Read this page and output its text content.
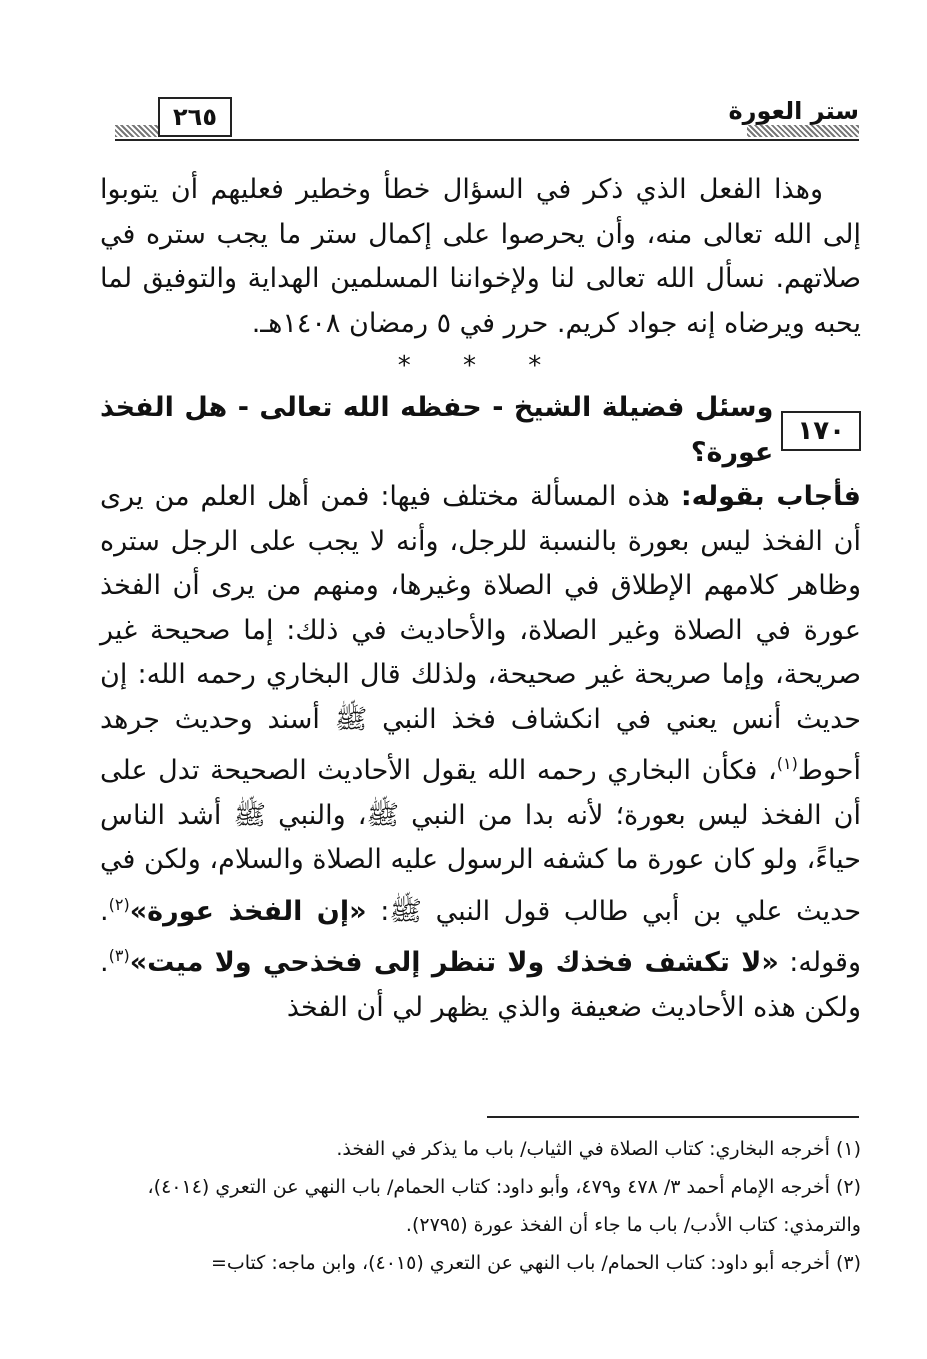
ستر العورة
٢٦٥

وهذا الفعل الذي ذكر في السؤال خطأ وخطير فعليهم أن يتوبوا إلى الله تعالى منه، وأن يحرصوا على إكمال ستر ما يجب ستره في صلاتهم. نسأل الله تعالى لنا ولإخواننا المسلمين الهداية والتوفيق لما يحبه ويرضاه إنه جواد كريم. حرر في ٥ رمضان ١٤٠٨هـ.

* * *

١٧٠
وسئل فضيلة الشيخ - حفظه الله تعالى - هل الفخذ عورة؟

فأجاب بقوله: هذه المسألة مختلف فيها: فمن أهل العلم من يرى أن الفخذ ليس بعورة بالنسبة للرجل، وأنه لا يجب على الرجل ستره وظاهر كلامهم الإطلاق في الصلاة وغيرها، ومنهم من يرى أن الفخذ عورة في الصلاة وغير الصلاة، والأحاديث في ذلك: إما صحيحة غير صريحة، وإما صريحة غير صحيحة، ولذلك قال البخاري رحمه الله: إن حديث أنس يعني في انكشاف فخذ النبي ﷺ أسند وحديث جرهد أحوط$^{(١)}$، فكأن البخاري رحمه الله يقول الأحاديث الصحيحة تدل على أن الفخذ ليس بعورة؛ لأنه بدا من النبي ﷺ، والنبي ﷺ أشد الناس حياءً، ولو كان عورة ما كشفه الرسول عليه الصلاة والسلام، ولكن في حديث علي بن أبي طالب قول النبي ﷺ: «إن الفخذ عورة»$^{(٢)}$. وقوله: «لا تكشف فخذك ولا تنظر إلى فخذحي ولا ميت»$^{(٣)}$. ولكن هذه الأحاديث ضعيفة والذي يظهر لي أن الفخذ

(١) أخرجه البخاري: كتاب الصلاة في الثياب/ باب ما يذكر في الفخذ.

(٢) أخرجه الإمام أحمد ٣/ ٤٧٨ و٤٧٩، وأبو داود: كتاب الحمام/ باب النهي عن التعري (٤٠١٤)، والترمذي: كتاب الأدب/ باب ما جاء أن الفخذ عورة (٢٧٩٥).

(٣) أخرجه أبو داود: كتاب الحمام/ باب النهي عن التعري (٤٠١٥)، وابن ماجه: كتاب=
